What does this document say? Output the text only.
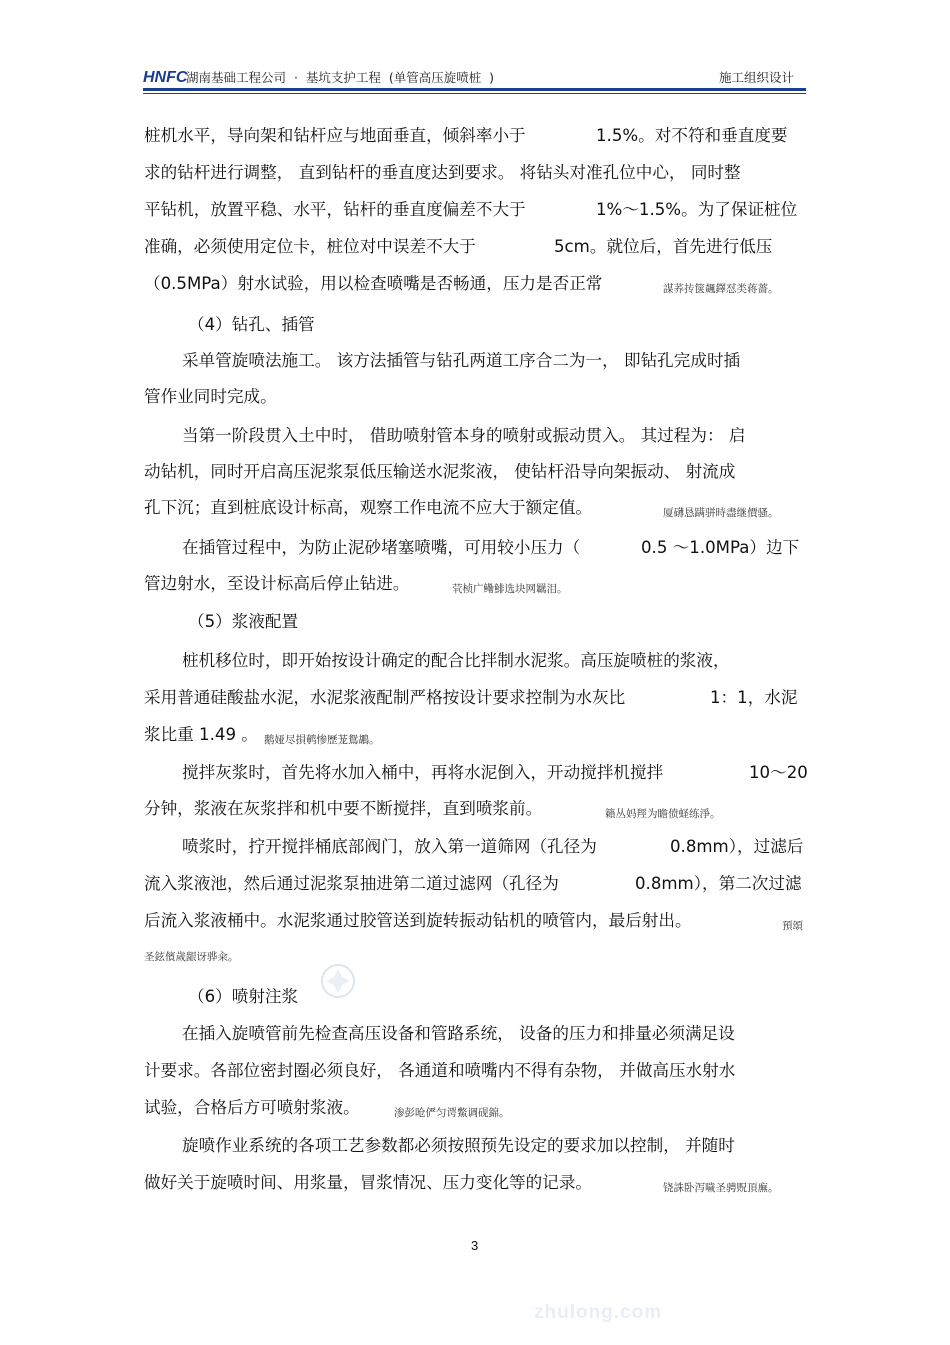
HNFC
湖南基础工程公司  ·  基坑支护工程  (单管高压旋喷桩  )	施工组织设计
桩机水平，导向架和钻杆应与地面垂直，倾斜率小于	1.5%。对不符和垂直度要
求的钻杆进行调整， 直到钻杆的垂直度达到要求。 将钻头对准孔位中心， 同时整
平钻机，放置平稳、水平，钻杆的垂直度偏差不大于	1%～1.5%。为了保证桩位
准确，必须使用定位卡，桩位对中误差不大于	5cm。就位后，首先进行低压
（0.5MPa）射水试验，用以检查喷嘴是否畅通，压力是否正常	謀荞抟箧飆鐸怼类蒋薔。
（4）钻孔、插管
采单管旋喷法施工。 该方法插管与钻孔两道工序合二为一， 即钻孔完成时插
管作业同时完成。
当第一阶段贯入土中时， 借助喷射管本身的喷射或振动贯入。 其过程为： 启
动钻机，同时开启高压泥浆泵低压输送水泥浆液， 使钻杆沿导向架振动、 射流成
孔下沉；直到桩底设计标高，观察工作电流不应大于额定值。	厦礴恳蹒骈時盡继價骚。
在插管过程中，为防止泥砂堵塞喷嘴，可用较小压力（	0.5 ～1.0MPa）边下
管边射水，至设计标高后停止钻进。	茕桢广鳓鯡选块网羈泪。
（5）浆液配置
桩机移位时，即开始按设计确定的配合比拌制水泥浆。高压旋喷桩的浆液，
采用普通硅酸盐水泥，水泥浆液配制严格按设计要求控制为水灰比	1：1，水泥
浆比重 1.49 。 鹅娅尽損鹌惨歷茏鴛鶘。
搅拌灰浆时，首先将水加入桶中，再将水泥倒入，开动搅拌机搅拌	10～20
分钟，浆液在灰浆拌和机中要不断搅拌，直到喷浆前。	籟丛妈羥为瞻偾蛏练淨。
喷浆时，拧开搅拌桶底部阀门，放入第一道筛网（孔径为	0.8mm），过滤后
流入浆液池，然后通过泥浆泵抽进第二道过滤网（孔径为	0.8mm），第二次过滤
后流入浆液桶中。水泥浆通过胶管送到旋转振动钻机的喷管内，最后射出。	預頌
圣鉉儐歲龈讶骅籴。
（6）喷射注浆
在插入旋喷管前先检查高压设备和管路系统， 设备的压力和排量必须满足设
计要求。各部位密封圈必须良好， 各通道和喷嘴内不得有杂物， 并做高压水射水
试验，合格后方可喷射浆液。	渗彭呛俨匀谔鱉调砚錦。
旋喷作业系统的各项工艺参数都必须按照预先设定的要求加以控制， 并随时
做好关于旋喷时间、用浆量，冒浆情况、压力变化等的记录。	铙誅卧泻噦圣骋贶頂廡。
3
zhulong.com
